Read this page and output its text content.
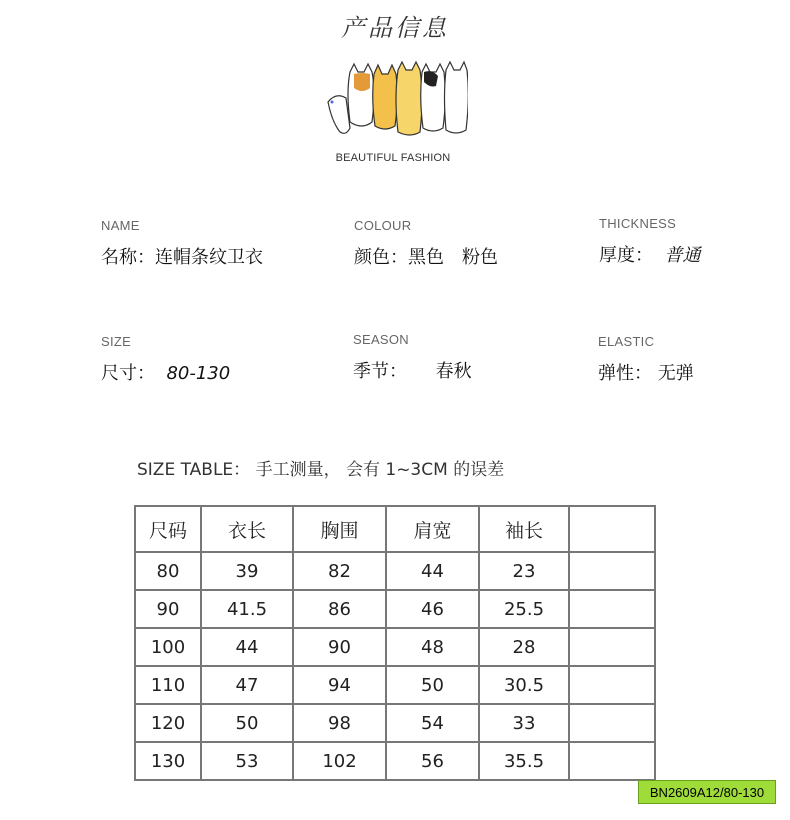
产品信息
BEAUTIFUL FASHION
NAME
名称：连帽条纹卫衣
COLOUR
颜色：黑色　粉色
THICKNESS
厚度： 普通
SIZE
尺寸： 80-130
SEASON
季节： 春秋
ELASTIC
弹性： 无弹
SIZE TABLE： 手工测量， 会有 1~3CM 的误差
尺码	衣长	胸围	肩宽	袖长	
80	39	82	44	23	
90	41.5	86	46	25.5	
100	44	90	48	28	
110	47	94	50	30.5	
120	50	98	54	33	
130	53	102	56	35.5	
BN2609A12/80-130
